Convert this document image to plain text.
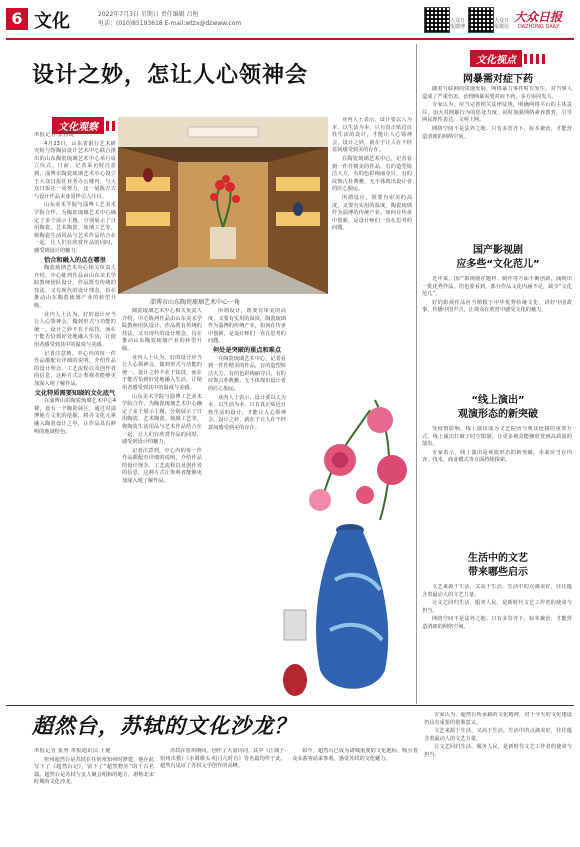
6 文化	2022年7月3日 星期日 责任编辑 吕桓
电话：(010)85193618 E-mail:wtzx@dzwww.com	大众日报微博
大众日报微信
大众日报
DAZHONG DAILY
设计之妙，怎让人心领神会
文化观察
淄博市山东陶瓷琉璃艺术中心一角

本报记者 张春晓

4月23日，山东省银行艺术研究院与馆陶县设计艺术中心联合推出的山东陶瓷琉璃艺术中心举行成立仪式。日前，记者采访时注意到，淄博市陶瓷琉璃艺术中心设立于大众日报社业务办公楼内，与大众日报社一同努力，这一展陈方式与设计作品本身同样引人注目。

山东美术学院与淄博工艺美术学院合作，为陶瓷琉璃艺术中心确定了多个展示主题，分别展示了日用陶瓷、艺术陶瓷、琉璃工艺等，将陶瓷生活用品与艺术作品结合在一起，让人们在欣赏作品的同时，感受到设计的魅力。

恰合和融入的点在哪里

陶瓷琉璃艺术中心相关负责人介绍，中心陈列作品由山东美术学院教师团队设计，作品既有传统的技法，又有现代的设计理念，旨在推动山东陶瓷琉璃产业的转型升级。

业内人士认为，好的设计应当让人心领神会，做到形式与功能的统一。设计之妙不在于炫技，而在于能否恰到好处地融入生活，让使用者感受到其中的温度与美感。

记者注意到，中心内的每一件作品都配有详细的说明，介绍作品的设计理念、工艺流程以及创作者的信息，这种方式让参观者能够更加深入地了解作品。

文化特质需要知晓的文化底气

在淄博山东陶瓷琉璃艺术中心4楼，设有一个陶瓷展区，通过对淄博地方文化的挖掘，将齐文化元素融入陶瓷设计之中，让作品具有鲜明的地域特色。

陶瓷琉璃艺术中心相关负责人介绍，中心陈列作品由山东美术学院教师团队设计，作品既有传统的技法，又有现代的设计理念，旨在推动山东陶瓷琉璃产业的转型升级。

业内人士认为，好的设计应当让人心领神会，做到形式与功能的统一。设计之妙不在于炫技，而在于能否恰到好处地融入生活，让使用者感受到其中的温度与美感。

山东美术学院与淄博工艺美术学院合作，为陶瓷琉璃艺术中心确定了多个展示主题，分别展示了日用陶瓷、艺术陶瓷、琉璃工艺等，将陶瓷生活用品与艺术作品结合在一起，让人们在欣赏作品的同时，感受到设计的魅力。

记者注意到，中心内的每一件作品都配有详细的说明，介绍作品的设计理念、工艺流程以及创作者的信息，这种方式让参观者能够更加深入地了解作品。

所谓设计，既要有审美的高度，又要有实用的温度。陶瓷琉璃作为淄博的传统产业，如何在传承中创新，是设计师们一直在思考的问题。

何处是突破的重点和难点

在陶瓷琉璃艺术中心，记者看到一件件精美的作品，有的造型简洁大方，有的色彩绚丽夺目，有的纹饰古朴典雅，无不体现出设计者的匠心独运。

业内人士表示，设计要以人为本，以生活为本，只有真正贴近百姓生活的设计，才能让人心领神会。设计之妙，就在于让人在不经意间感受到美的存在。

业内人士表示，设计要以人为本，以生活为本，只有真正贴近百姓生活的设计，才能让人心领神会。设计之妙，就在于让人在不经意间感受到美的存在。

在陶瓷琉璃艺术中心，记者看到一件件精美的作品，有的造型简洁大方，有的色彩绚丽夺目，有的纹饰古朴典雅，无不体现出设计者的匠心独运。

所谓设计，既要有审美的高度，又要有实用的温度。陶瓷琉璃作为淄博的传统产业，如何在传承中创新，是设计师们一直在思考的问题。

文化视点
网暴需对症下药

随着互联网的快速发展，网络暴力事件时有发生，对当事人造成了严重伤害。治理网暴需要对症下药，多方协同发力。

专家认为，应当完善相关法律法规，明确网络平台的主体责任，加大对网暴行为的惩处力度，同时加强网络素养教育，引导网民理性表达、文明上网。

网络空间不是法外之地。只有多管齐下、标本兼治，才能营造清朗的网络空间。

国产影视剧
应多些“文化范儿”

近年来，国产影视剧在题材、制作等方面不断创新，涌现出一批优秀作品。但也要看到，部分作品文化内涵不足，缺少“文化范儿”。

好的影视作品应当植根于中华优秀传统文化，讲好中国故事，传播中国声音，让观众在欣赏中感受文化的魅力。

“线上演出”
观演形态的新突破

受疫情影响，线上演出成为文艺院团与观众连接的重要方式。线上演出打破了时空限制，让更多观众能够欣赏到高质量的演出。

专家表示，线上演出是观演形态的新突破，未来应当在内容、技术、商业模式等方面持续探索。

生活中的文艺
带来哪些启示

文艺来源于生活，又高于生活。生活中的点滴美好，往往蕴含着最动人的文艺力量。

让文艺回归生活、服务人民，是新时代文艺工作者的使命与担当。

网络空间不是法外之地。只有多管齐下、标本兼治，才能营造清朗的网络空间。

超然台，苏轼的文化沙龙？

本报记者 张勇 本报通讯员 王健

密州超然台是苏轼在任密州知州时修建，他在此写下了《超然台记》，留下了“超然物外”的千古名篇。超然台是苏轼与友人聚会唱和的地方，堪称北宋时期的文化沙龙。

苏轼在密州期间，创作了大量诗词，其中《江城子·密州出猎》《水调歌头·明月几时有》等名篇均作于此。超然台见证了苏轼文学创作的高峰。

如今，超然台已成为诸城重要的文化地标，吸引着众多游客前来参观，感受苏轼的文化魅力。

专家认为，超然台所承载的文化精神，对于今天的文化建设仍具有重要的借鉴意义。

文艺来源于生活，又高于生活。生活中的点滴美好，往往蕴含着最动人的文艺力量。

让文艺回归生活、服务人民，是新时代文艺工作者的使命与担当。
